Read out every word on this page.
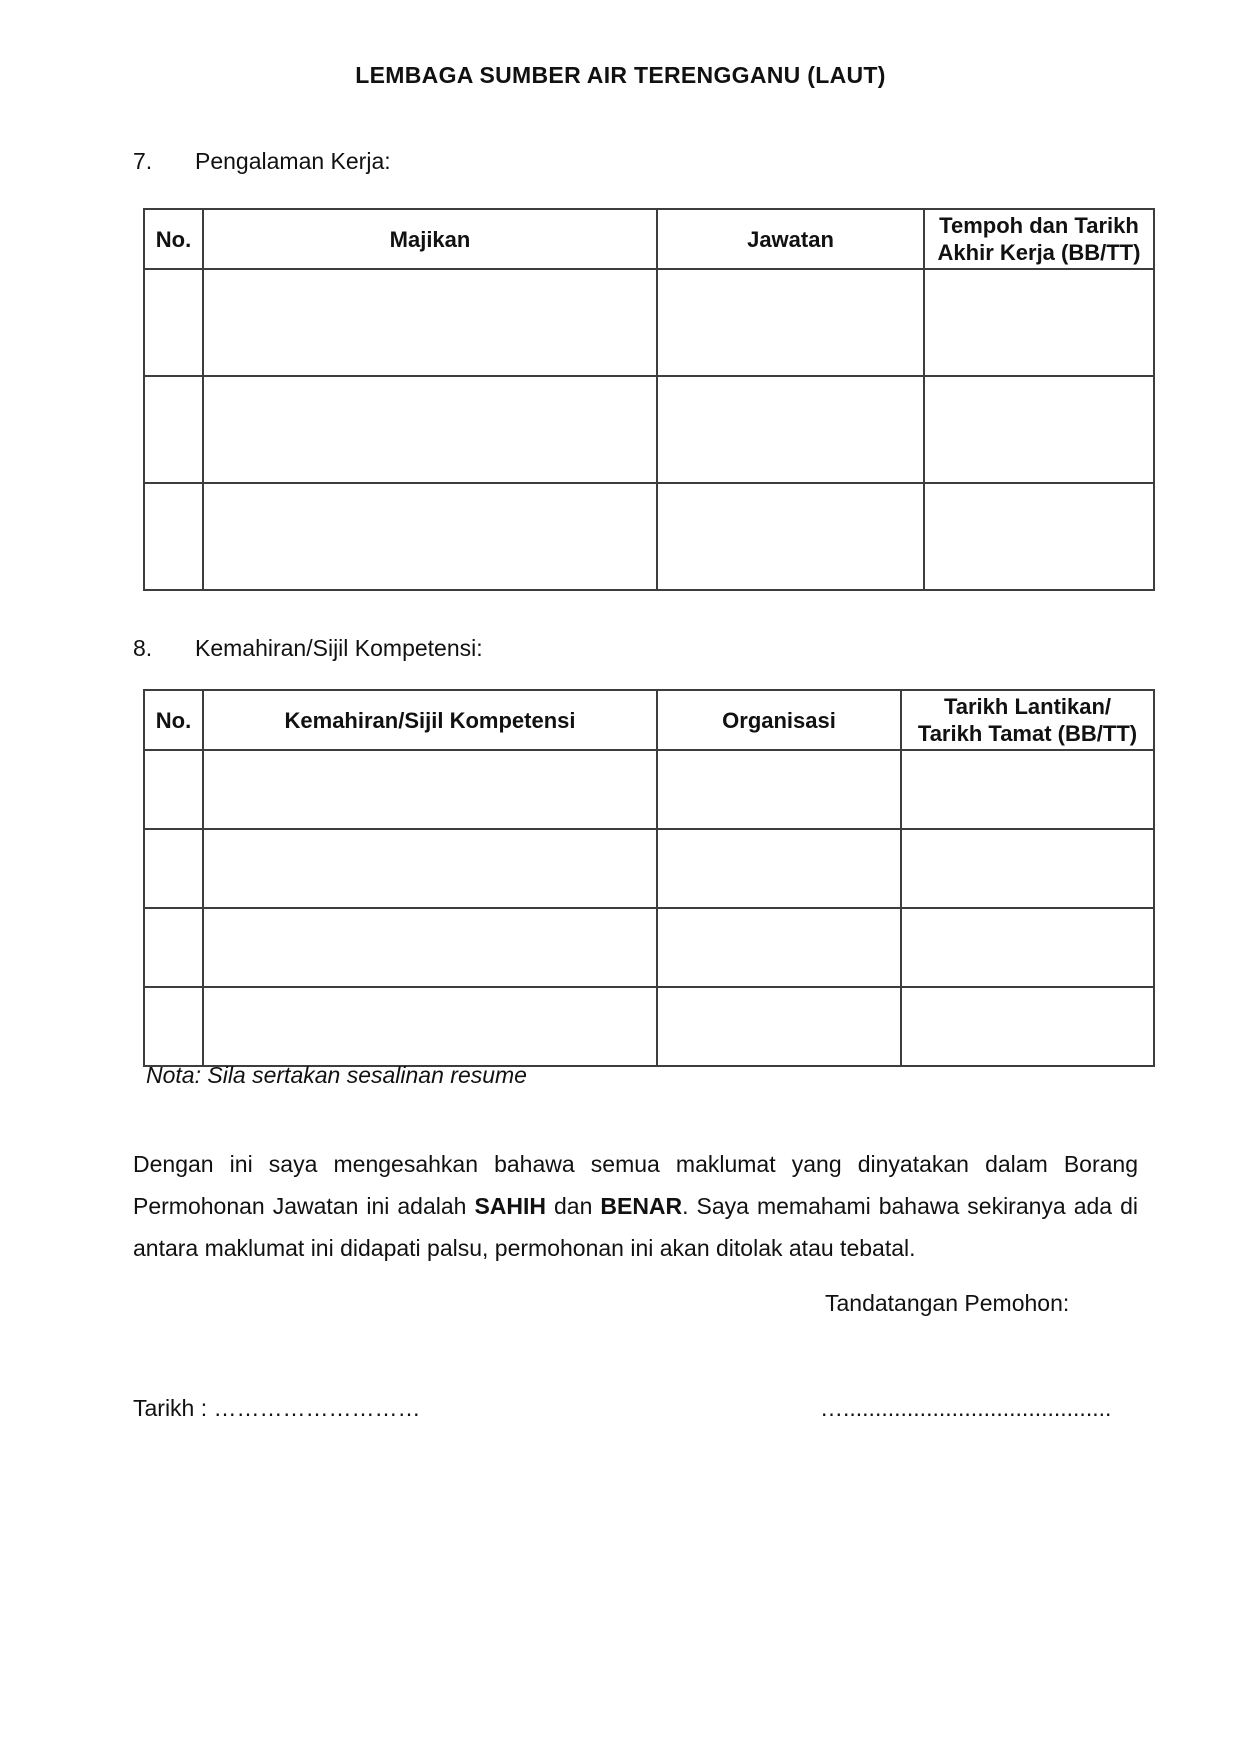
LEMBAGA SUMBER AIR TERENGGANU (LAUT)
7.	Pengalaman Kerja:
No.	Majikan	Jawatan	Tempoh dan Tarikh
Akhir Kerja (BB/TT)

8.	Kemahiran/Sijil Kompetensi:
No.	Kemahiran/Sijil Kompetensi	Organisasi	Tarikh Lantikan/
Tarikh Tamat (BB/TT)

Nota: Sila sertakan sesalinan resume

Dengan ini saya mengesahkan bahawa semua maklumat yang dinyatakan dalam Borang Permohonan Jawatan ini adalah SAHIH dan BENAR. Saya memahami bahawa sekiranya ada di antara maklumat ini didapati palsu, permohonan ini akan ditolak atau tebatal.

Tandatangan Pemohon:
Tarikh : ………………………	…..........................................
